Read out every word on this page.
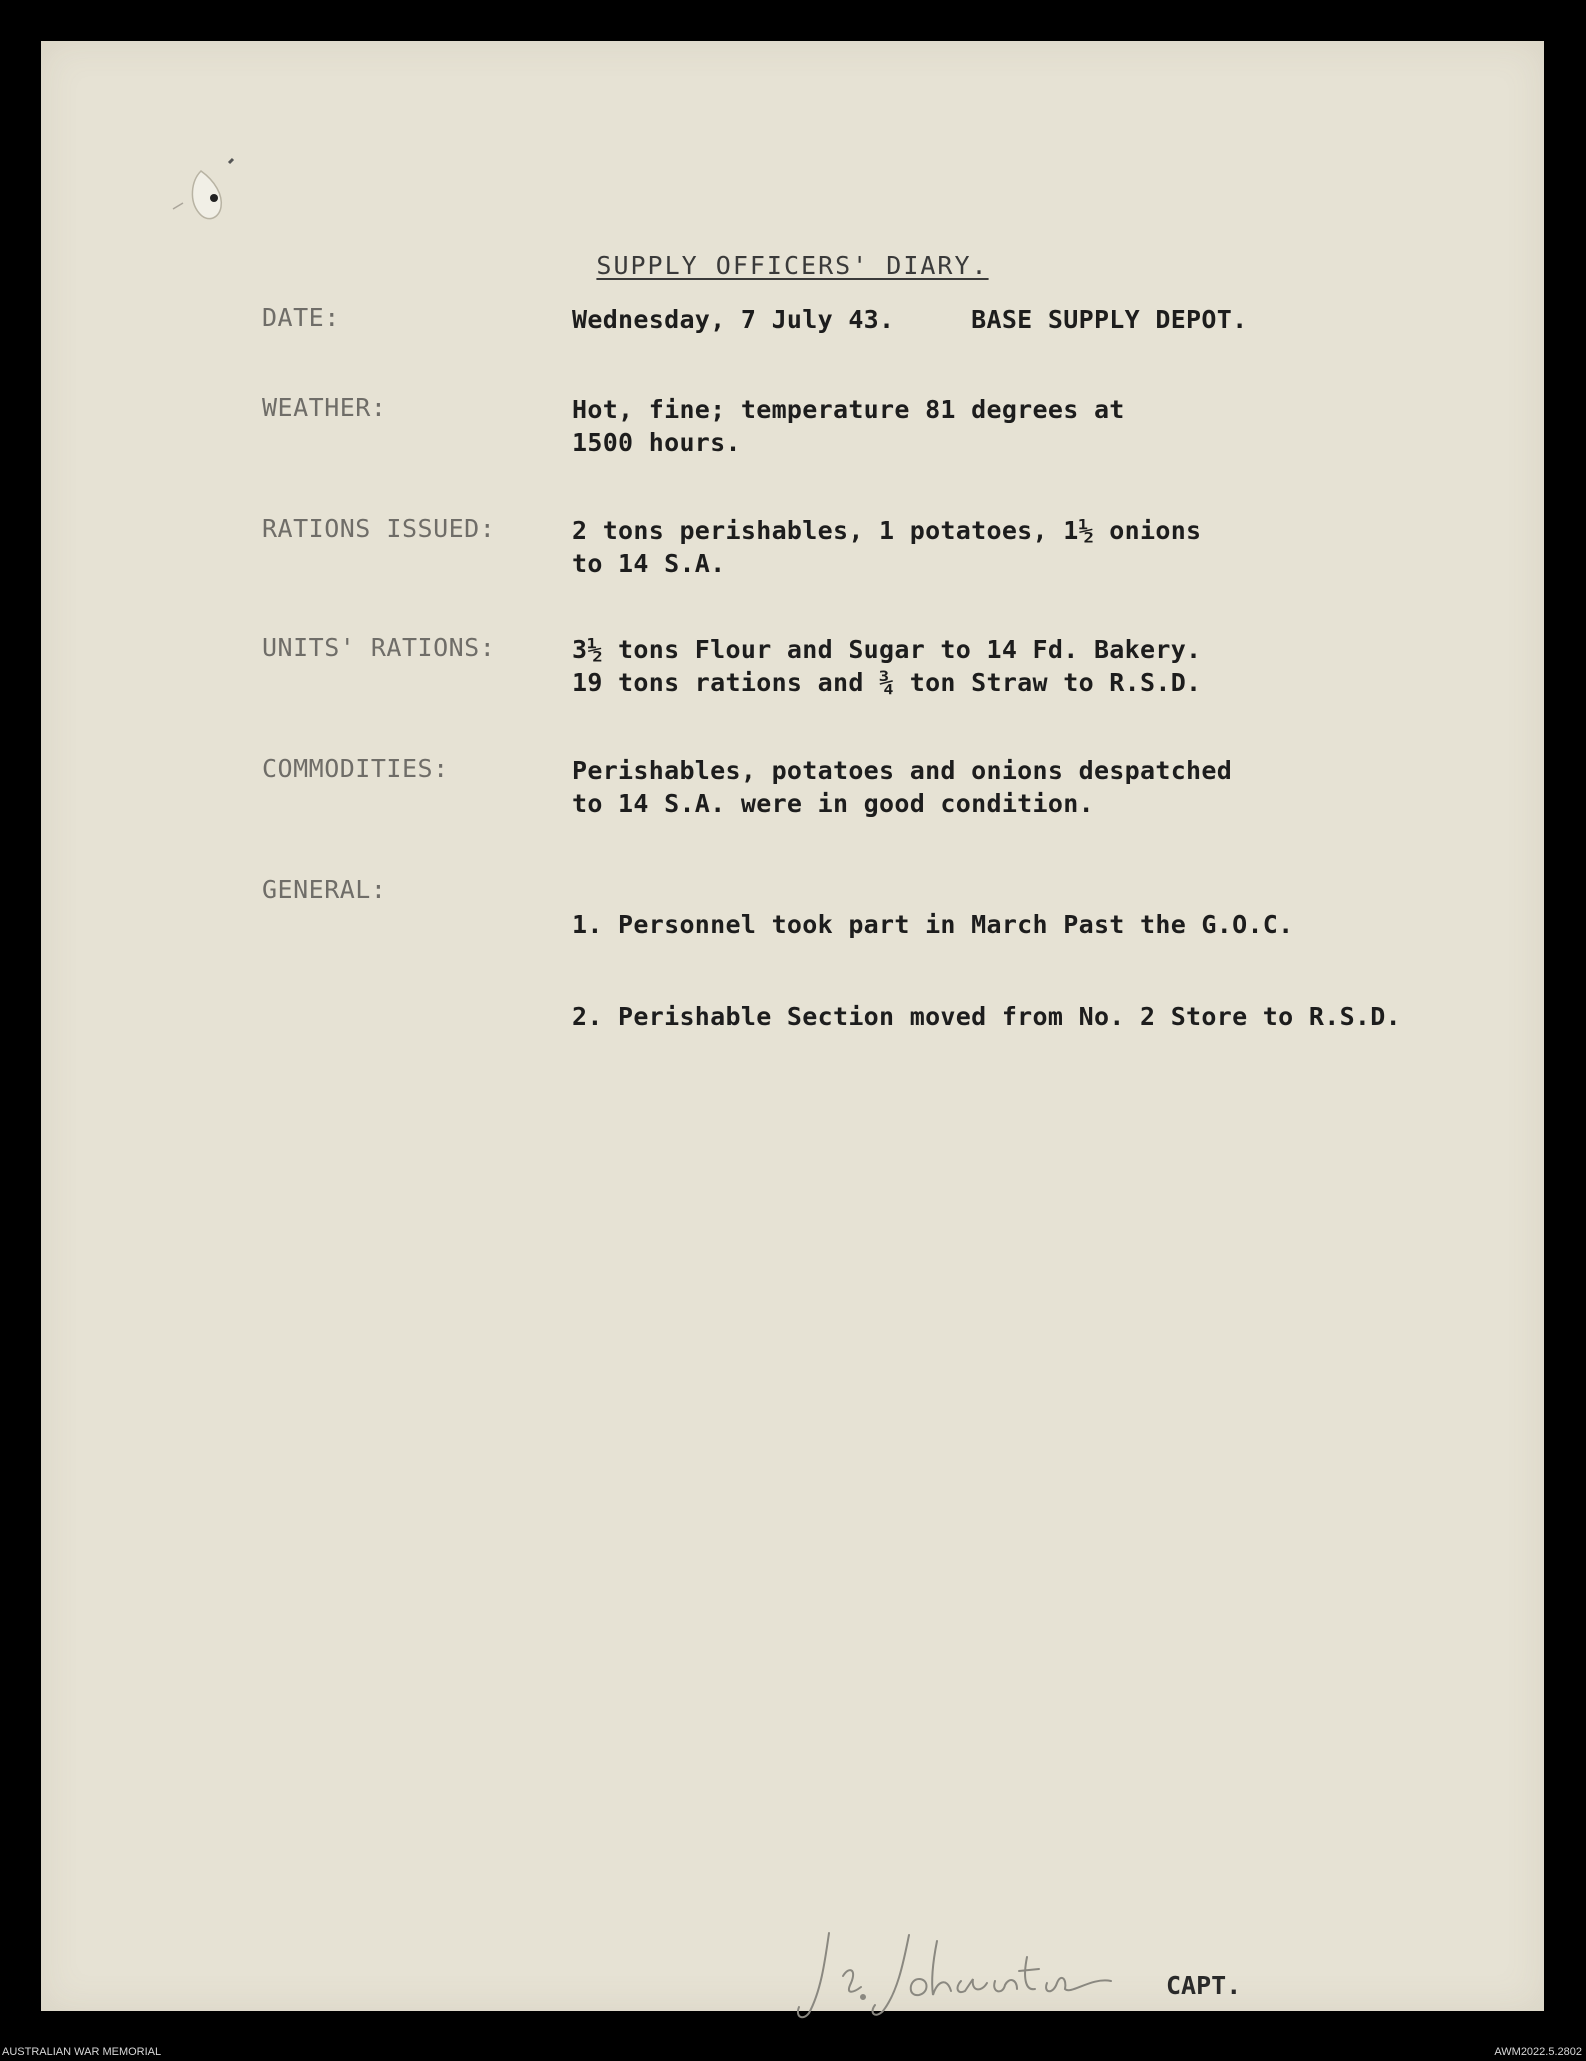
SUPPLY OFFICERS' DIARY.
DATE:	Wednesday, 7 July 43.     BASE SUPPLY DEPOT.
WEATHER:	Hot, fine; temperature 81 degrees at
1500 hours.
RATIONS ISSUED:	2 tons perishables, 1 potatoes, 1½ onions
to 14 S.A.
UNITS' RATIONS:	3½ tons Flour and Sugar to 14 Fd. Bakery.
19 tons rations and ¾ ton Straw to R.S.D.
COMMODITIES:	Perishables, potatoes and onions despatched
to 14 S.A. were in good condition.
GENERAL:

1. Personnel took part in March Past the G.O.C.

2. Perishable Section moved from No. 2 Store to R.S.D.

CAPT.
AUSTRALIAN WAR MEMORIAL	AWM2022.5.2802
